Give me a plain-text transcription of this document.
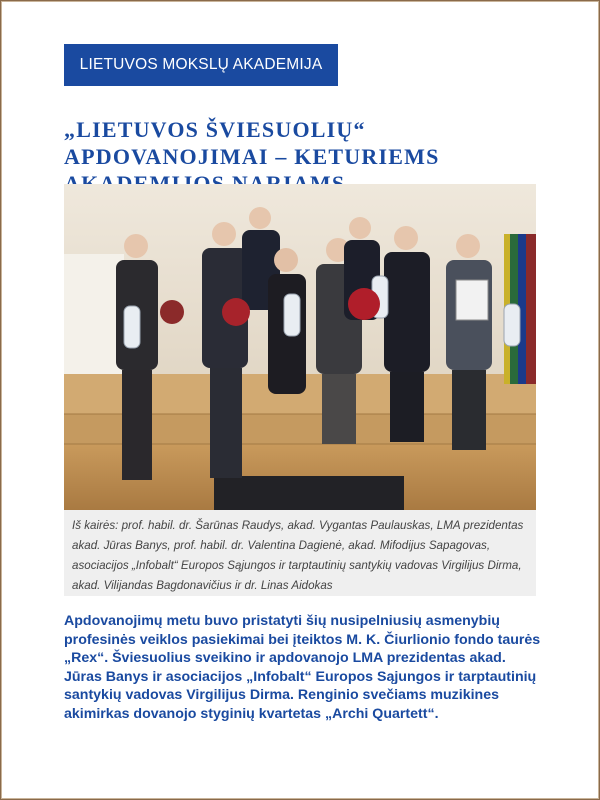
LIETUVOS MOKSLŲ AKADEMIJA
„LIETUVOS ŠVIESUOLIŲ“ APDOVANOJIMAI – KETURIEMS

Iš kairės: prof. habil. dr. Šarūnas Raudys, akad. Vygantas Paulauskas, LMA prezidentas akad. Jūras Banys, prof. habil. dr. Valentina Dagienė, akad. Mifodijus Sapagovas, asociacijos „Infobalt“ Europos Sąjungos ir tarptautinių santykių vadovas Virgilijus Dirma, akad. Vilijandas Bagdonavičius ir dr. Linas Aidokas

Apdovanojimų metu buvo pristatyti šių nusipelniusių asmenybių profesinės veiklos pasiekimai bei įteiktos M. K. Čiurlionio fondo taurės „Rex“. Šviesuolius sveikino ir apdovanojo LMA prezidentas akad. Jūras Banys ir asociacijos „Infobalt“ Europos Sąjungos ir tarptautinių santykių vadovas Virgilijus Dirma. Renginio svečiams muzikines akimirkas dovanojo styginių kvartetas „Archi Quartett“.
